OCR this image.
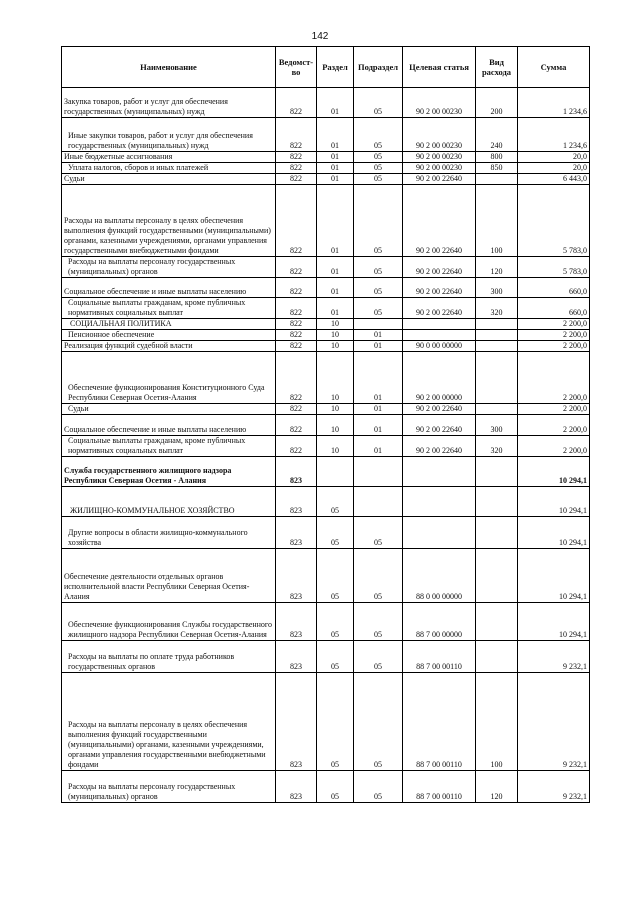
142
Наименование	Ведомст-во	Раздел	Подраздел	Целевая статья	Вид расхода	Сумма
Закупка товаров, работ и услуг для обеспечения государственных (муниципальных) нужд	822	01	05	90 2 00 00230	200	1 234,6
Иные закупки товаров, работ и услуг для обеспечения государственных (муниципальных) нужд	822	01	05	90 2 00 00230	240	1 234,6
Иные бюджетные ассигнования	822	01	05	90 2 00 00230	800	20,0
Уплата налогов, сборов и иных платежей	822	01	05	90 2 00 00230	850	20,0
Судьи	822	01	05	90 2 00 22640		6 443,0
Расходы на выплаты персоналу в целях обеспечения выполнения функций государственными (муниципальными) органами, казенными учреждениями, органами управления государственными внебюджетными фондами	822	01	05	90 2 00 22640	100	5 783,0
Расходы на выплаты персоналу государственных (муниципальных) органов	822	01	05	90 2 00 22640	120	5 783,0
Социальное обеспечение и иные выплаты населению	822	01	05	90 2 00 22640	300	660,0
Социальные выплаты гражданам, кроме публичных нормативных социальных выплат	822	01	05	90 2 00 22640	320	660,0
СОЦИАЛЬНАЯ ПОЛИТИКА	822	10				2 200,0
Пенсионное обеспечение	822	10	01			2 200,0
Реализация функций судебной власти	822	10	01	90 0 00 00000		2 200,0
Обеспечение функционирования Конституционного Суда Республики Северная Осетия-Алания	822	10	01	90 2 00 00000		2 200,0
Судьи	822	10	01	90 2 00 22640		2 200,0
Социальное обеспечение и иные выплаты населению	822	10	01	90 2 00 22640	300	2 200,0
Социальные выплаты гражданам, кроме публичных нормативных социальных выплат	822	10	01	90 2 00 22640	320	2 200,0
Служба государственного жилищного надзора Республики Северная Осетия - Алания	823					10 294,1
ЖИЛИЩНО-КОММУНАЛЬНОЕ ХОЗЯЙСТВО	823	05				10 294,1
Другие вопросы в области жилищно-коммунального хозяйства	823	05	05			10 294,1
Обеспечение деятельности отдельных органов исполнительной власти Республики Северная Осетия-Алания	823	05	05	88 0 00 00000		10 294,1
Обеспечение функционирования Службы государственного жилищного надзора Республики Северная Осетия-Алания	823	05	05	88 7 00 00000		10 294,1
Расходы на выплаты по оплате труда работников государственных органов	823	05	05	88 7 00 00110		9 232,1
Расходы на выплаты персоналу в целях обеспечения выполнения функций государственными (муниципальными) органами, казенными учреждениями, органами управления государственными внебюджетными фондами	823	05	05	88 7 00 00110	100	9 232,1
Расходы на выплаты персоналу государственных (муниципальных) органов	823	05	05	88 7 00 00110	120	9 232,1
